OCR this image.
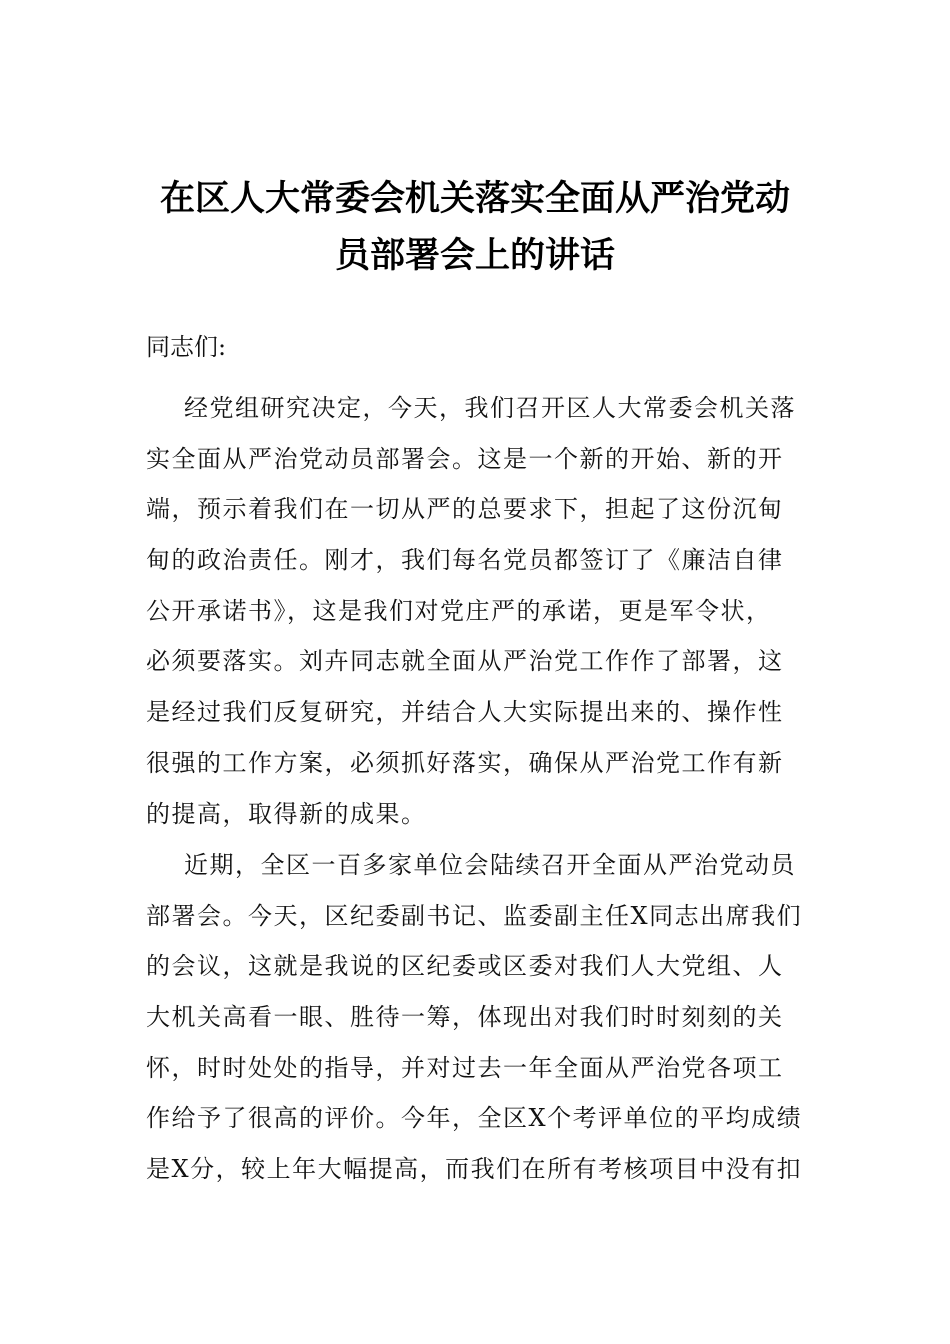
在区人大常委会机关落实全面从严治党动
员部署会上的讲话
同志们:
经党组研究决定，今天，我们召开区人大常委会机关落
实全面从严治党动员部署会。这是一个新的开始、新的开
端，预示着我们在一切从严的总要求下，担起了这份沉甸
甸的政治责任。刚才，我们每名党员都签订了《廉洁自律
公开承诺书》，这是我们对党庄严的承诺，更是军令状，
必须要落实。刘卉同志就全面从严治党工作作了部署，这
是经过我们反复研究，并结合人大实际提出来的、操作性
很强的工作方案，必须抓好落实，确保从严治党工作有新
的提高，取得新的成果。
近期，全区一百多家单位会陆续召开全面从严治党动员
部署会。今天，区纪委副书记、监委副主任X同志出席我们
的会议，这就是我说的区纪委或区委对我们人大党组、人
大机关高看一眼、胜待一筹，体现出对我们时时刻刻的关
怀，时时处处的指导，并对过去一年全面从严治党各项工
作给予了很高的评价。今年，全区X个考评单位的平均成绩
是X分，较上年大幅提高，而我们在所有考核项目中没有扣
